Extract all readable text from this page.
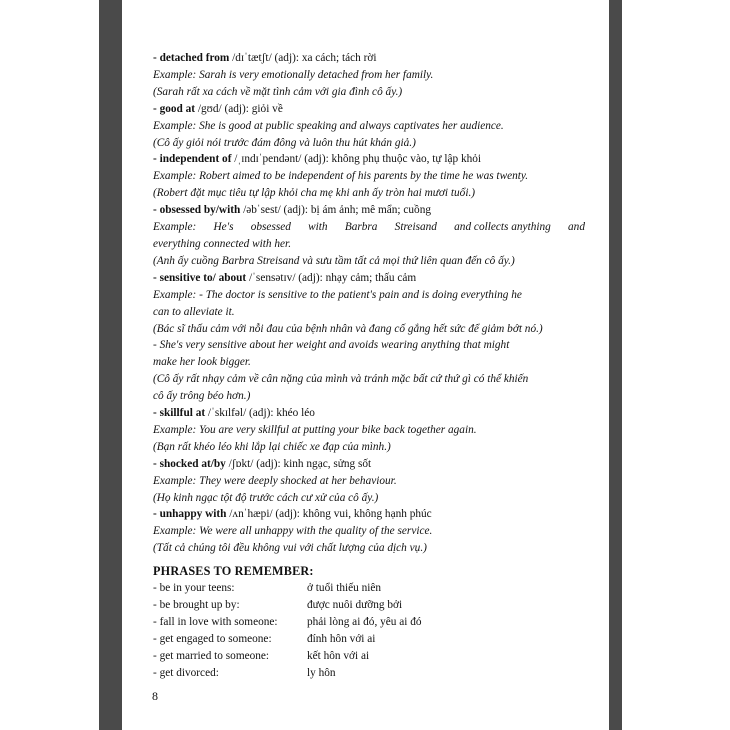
- detached from /dɪˈtætʃt/ (adj): xa cách; tách rời
Example: Sarah is very emotionally detached from her family.
(Sarah rất xa cách về mặt tình cảm với gia đình cô ấy.)
- good at /gʊd/ (adj): giỏi về
Example: She is good at public speaking and always captivates her audience.
(Cô ấy giỏi nói trước đám đông và luôn thu hút khán giả.)
- independent of /ˌɪndɪˈpendənt/ (adj): không phụ thuộc vào, tự lập khỏi
Example: Robert aimed to be independent of his parents by the time he was twenty.
(Robert đặt mục tiêu tự lập khỏi cha mẹ khi anh ấy tròn hai mươi tuổi.)
- obsessed by/with /əbˈsest/ (adj): bị ám ảnh; mê mẩn; cuồng
Example: He's obsessed with Barbra Streisand and collects anything and
everything connected with her.
(Anh ấy cuồng Barbra Streisand và sưu tầm tất cả mọi thứ liên quan đến cô ấy.)
- sensitive to/ about /ˈsensətɪv/ (adj): nhạy cảm; thấu cảm
Example: - The doctor is sensitive to the patient's pain and is doing everything he
can to alleviate it.
(Bác sĩ thấu cảm với nỗi đau của bệnh nhân và đang cố gắng hết sức để giảm bớt nó.)
- She's very sensitive about her weight and avoids wearing anything that might
make her look bigger.
(Cô ấy rất nhạy cảm về cân nặng của mình và tránh mặc bất cứ thứ gì có thể khiến
cô ấy trông béo hơn.)
- skillful at /ˈskɪlfəl/ (adj): khéo léo
Example: You are very skillful at putting your bike back together again.
(Bạn rất khéo léo khi lắp lại chiếc xe đạp của mình.)
- shocked at/by /ʃɒkt/ (adj): kinh ngạc, sửng sốt
Example: They were deeply shocked at her behaviour.
(Họ kinh ngạc tột độ trước cách cư xử của cô ấy.)
- unhappy with /ʌnˈhæpi/ (adj): không vui, không hạnh phúc
Example: We were all unhappy with the quality of the service.
(Tất cả chúng tôi đều không vui với chất lượng của dịch vụ.)
PHRASES TO REMEMBER:
- be in your teens:	ở tuổi thiếu niên
- be brought up by:	được nuôi dưỡng bởi
- fall in love with someone:	phải lòng ai đó, yêu ai đó
- get engaged to someone:	đính hôn với ai
- get married to someone:	kết hôn với ai
- get divorced:	ly hôn
8
